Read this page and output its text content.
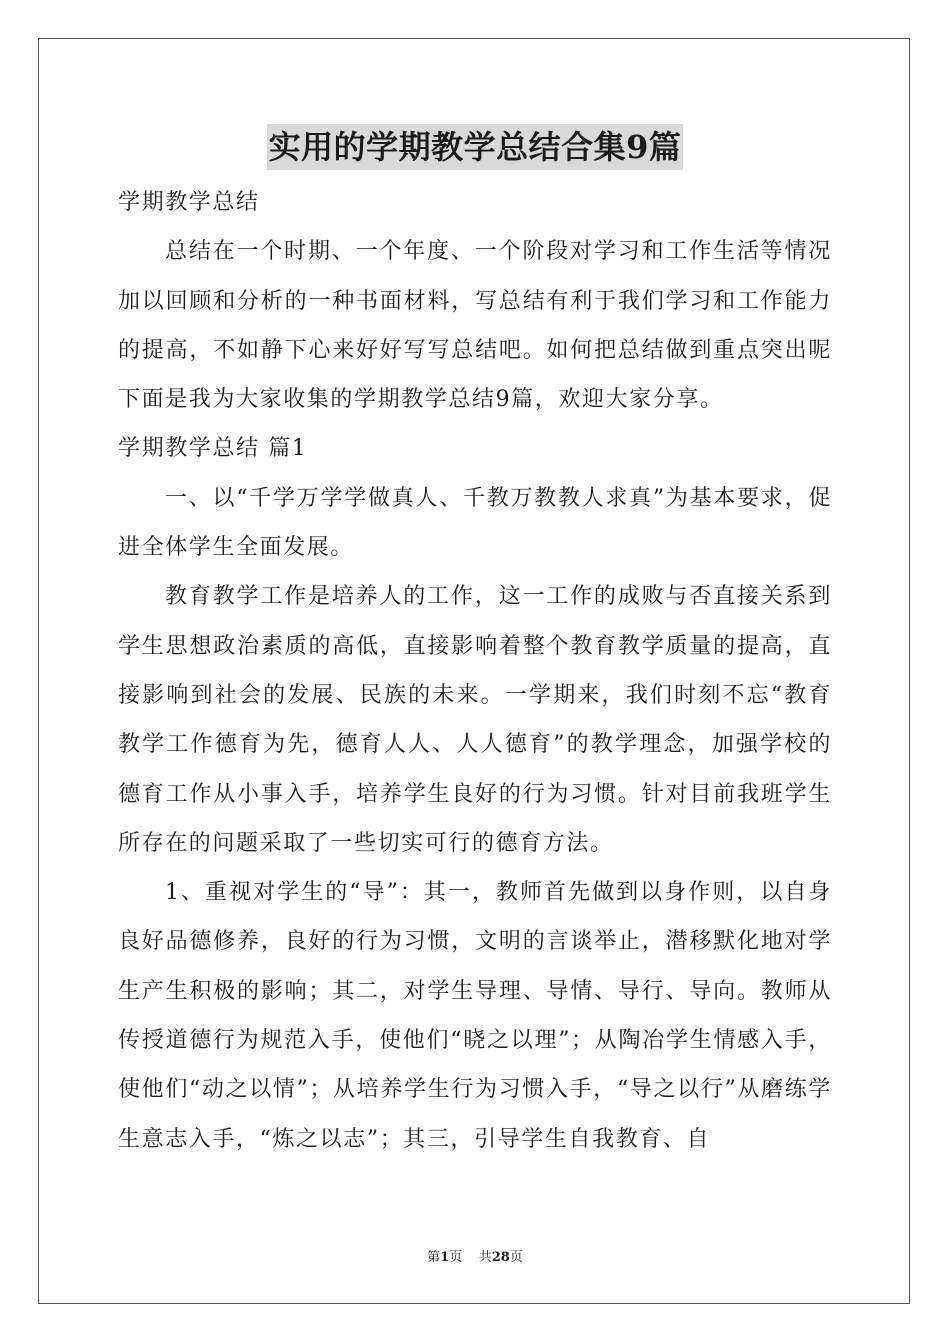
实用的学期教学总结合集9篇

学期教学总结

总结在一个时期、一个年度、一个阶段对学习和工作生活等情况加以回顾和分析的一种书面材料，写总结有利于我们学习和工作能力的提高，不如静下心来好好写写总结吧。如何把总结做到重点突出呢下面是我为大家收集的学期教学总结9篇，欢迎大家分享。

学期教学总结 篇1

一、以“千学万学学做真人、千教万教教人求真”为基本要求，促进全体学生全面发展。

教育教学工作是培养人的工作，这一工作的成败与否直接关系到学生思想政治素质的高低，直接影响着整个教育教学质量的提高，直接影响到社会的发展、民族的未来。一学期来，我们时刻不忘“教育教学工作德育为先，德育人人、人人德育”的教学理念，加强学校的德育工作从小事入手，培养学生良好的行为习惯。针对目前我班学生所存在的问题采取了一些切实可行的德育方法。

1、重视对学生的“导”：其一，教师首先做到以身作则，以自身良好品德修养，良好的行为习惯，文明的言谈举止，潜移默化地对学生产生积极的影响；其二，对学生导理、导情、导行、导向。教师从传授道德行为规范入手，使他们“晓之以理”；从陶冶学生情感入手，使他们“动之以情”；从培养学生行为习惯入手，“导之以行”从磨练学生意志入手，“炼之以志”；其三，引导学生自我教育、自

第1页 共28页
